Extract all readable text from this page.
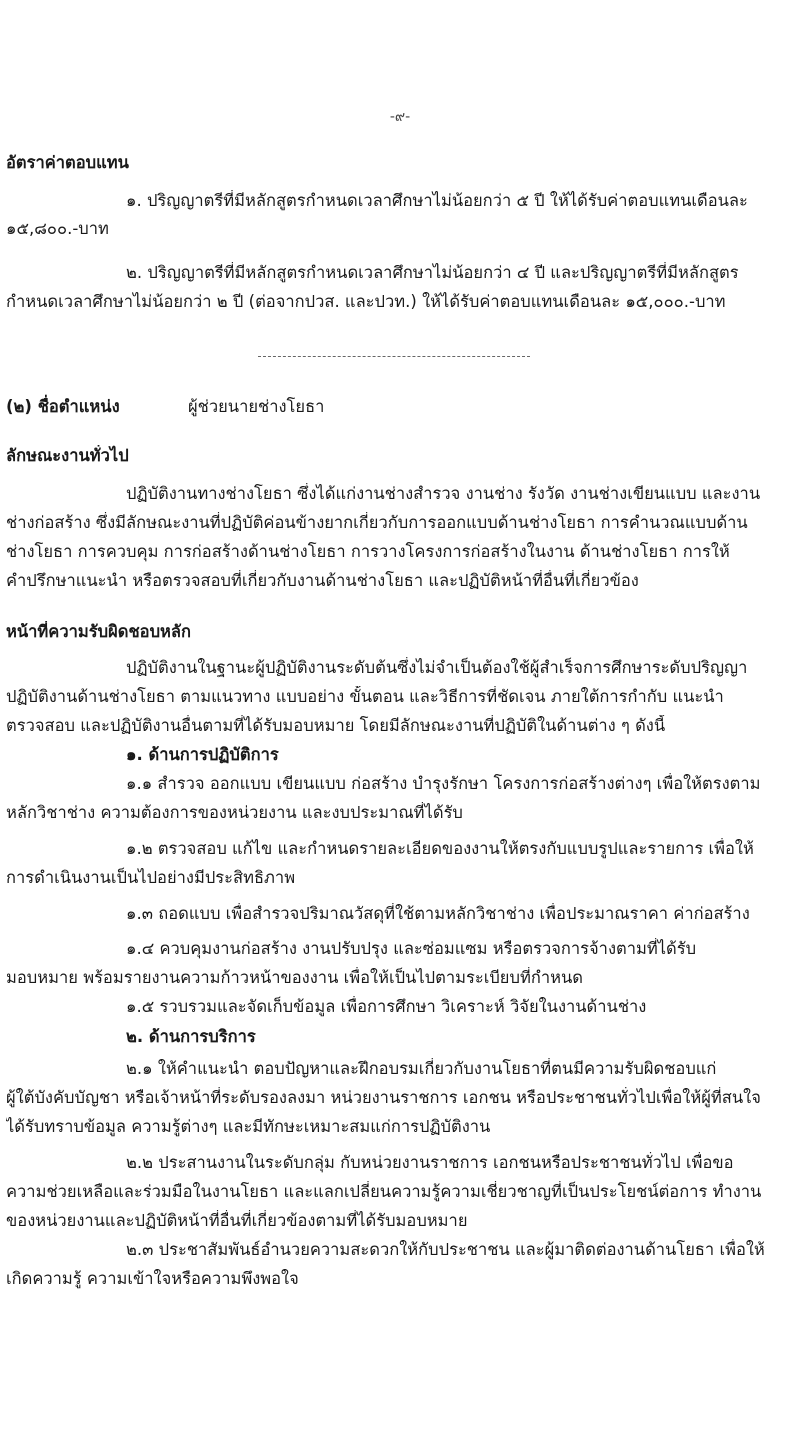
-๙-
อัตราค่าตอบแทน
๑. ปริญญาตรีที่มีหลักสูตรกำหนดเวลาศึกษาไม่น้อยกว่า ๕ ปี ให้ได้รับค่าตอบแทนเดือนละ
๑๕,๘๐๐.-บาท
๒. ปริญญาตรีที่มีหลักสูตรกำหนดเวลาศึกษาไม่น้อยกว่า ๔ ปี และปริญญาตรีที่มีหลักสูตร
กำหนดเวลาศึกษาไม่น้อยกว่า ๒ ปี (ต่อจากปวส. และปวท.) ให้ได้รับค่าตอบแทนเดือนละ ๑๕,๐๐๐.-บาท
(๒) ชื่อตำแหน่ง	ผู้ช่วยนายช่างโยธา
ลักษณะงานทั่วไป
ปฏิบัติงานทางช่างโยธา ซึ่งได้แก่งานช่างสำรวจ งานช่าง รังวัด งานช่างเขียนแบบ และงาน
ช่างก่อสร้าง ซึ่งมีลักษณะงานที่ปฏิบัติค่อนข้างยากเกี่ยวกับการออกแบบด้านช่างโยธา การคำนวณแบบด้าน
ช่างโยธา การควบคุม การก่อสร้างด้านช่างโยธา การวางโครงการก่อสร้างในงาน ด้านช่างโยธา การให้
คำปรึกษาแนะนำ หรือตรวจสอบที่เกี่ยวกับงานด้านช่างโยธา และปฏิบัติหน้าที่อื่นที่เกี่ยวข้อง
หน้าที่ความรับผิดชอบหลัก
ปฏิบัติงานในฐานะผู้ปฏิบัติงานระดับต้นซึ่งไม่จำเป็นต้องใช้ผู้สำเร็จการศึกษาระดับปริญญา
ปฏิบัติงานด้านช่างโยธา ตามแนวทาง แบบอย่าง ขั้นตอน และวิธีการที่ชัดเจน ภายใต้การกำกับ แนะนำ
ตรวจสอบ และปฏิบัติงานอื่นตามที่ได้รับมอบหมาย โดยมีลักษณะงานที่ปฏิบัติในด้านต่าง ๆ ดังนี้
๑. ด้านการปฏิบัติการ
๑.๑ สำรวจ ออกแบบ เขียนแบบ ก่อสร้าง บำรุงรักษา โครงการก่อสร้างต่างๆ เพื่อให้ตรงตาม
หลักวิชาช่าง ความต้องการของหน่วยงาน และงบประมาณที่ได้รับ
๑.๒ ตรวจสอบ แก้ไข และกำหนดรายละเอียดของงานให้ตรงกับแบบรูปและรายการ เพื่อให้
การดำเนินงานเป็นไปอย่างมีประสิทธิภาพ
๑.๓ ถอดแบบ เพื่อสำรวจปริมาณวัสดุที่ใช้ตามหลักวิชาช่าง เพื่อประมาณราคา ค่าก่อสร้าง
๑.๔ ควบคุมงานก่อสร้าง งานปรับปรุง และซ่อมแซม หรือตรวจการจ้างตามที่ได้รับ
มอบหมาย พร้อมรายงานความก้าวหน้าของงาน เพื่อให้เป็นไปตามระเบียบที่กำหนด
๑.๕ รวบรวมและจัดเก็บข้อมูล เพื่อการศึกษา วิเคราะห์ วิจัยในงานด้านช่าง
๒. ด้านการบริการ
๒.๑ ให้คำแนะนำ ตอบปัญหาและฝึกอบรมเกี่ยวกับงานโยธาที่ตนมีความรับผิดชอบแก่
ผู้ใต้บังคับบัญชา หรือเจ้าหน้าที่ระดับรองลงมา หน่วยงานราชการ เอกชน หรือประชาชนทั่วไปเพื่อให้ผู้ที่สนใจ
ได้รับทราบข้อมูล ความรู้ต่างๆ และมีทักษะเหมาะสมแก่การปฏิบัติงาน
๒.๒ ประสานงานในระดับกลุ่ม กับหน่วยงานราชการ เอกชนหรือประชาชนทั่วไป เพื่อขอ
ความช่วยเหลือและร่วมมือในงานโยธา และแลกเปลี่ยนความรู้ความเชี่ยวชาญที่เป็นประโยชน์ต่อการ ทำงาน
ของหน่วยงานและปฏิบัติหน้าที่อื่นที่เกี่ยวข้องตามที่ได้รับมอบหมาย
๒.๓ ประชาสัมพันธ์อำนวยความสะดวกให้กับประชาชน และผู้มาติดต่องานด้านโยธา เพื่อให้
เกิดความรู้ ความเข้าใจหรือความพึงพอใจ
